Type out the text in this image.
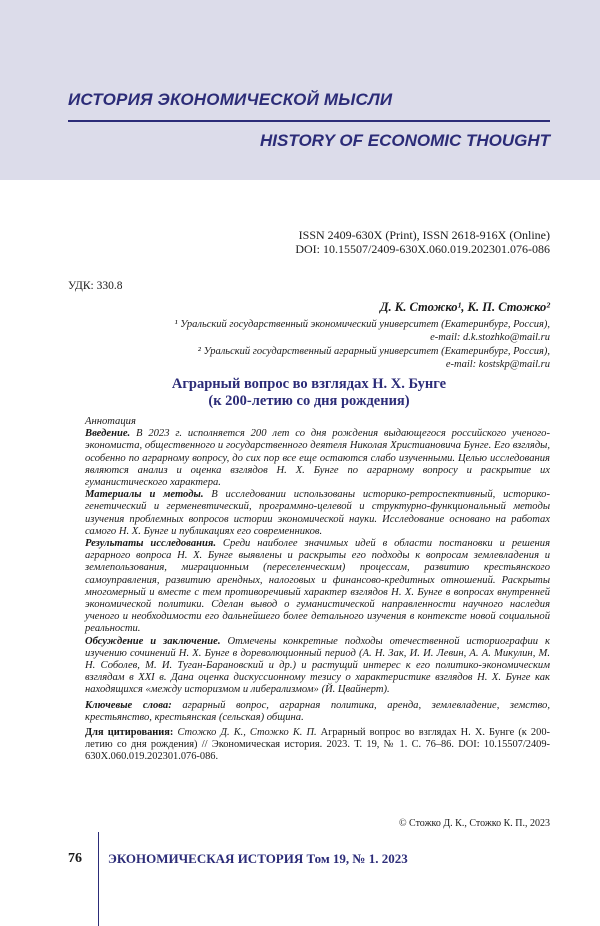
ИСТОРИЯ ЭКОНОМИЧЕСКОЙ МЫСЛИ
HISTORY OF ECONOMIC THOUGHT
ISSN 2409-630X (Print), ISSN 2618-916X (Online)
DOI: 10.15507/2409-630X.060.019.202301.076-086
УДК: 330.8
Д. К. Стожко¹, К. П. Стожко²
¹ Уральский государственный экономический университет (Екатеринбург, Россия),
e-mail: d.k.stozhko@mail.ru
² Уральский государственный аграрный университет (Екатеринбург, Россия),
e-mail: kostskp@mail.ru
Аграрный вопрос во взглядах Н. Х. Бунге
(к 200-летию со дня рождения)

Аннотация

Введение. В 2023 г. исполняется 200 лет со дня рождения выдающегося российского ученого-экономиста, общественного и государственного деятеля Николая Христиановича Бунге. Его взгляды, особенно по аграрному вопросу, до сих пор все еще остаются слабо изученными. Целью исследования являются анализ и оценка взглядов Н. Х. Бунге по аграрному вопросу и раскрытие их гуманистического характера.

Материалы и методы. В исследовании использованы историко-ретроспективный, историко-генетический и герменевтический, программно-целевой и структурно-функциональный методы изучения проблемных вопросов истории экономической науки. Исследование основано на работах самого Н. Х. Бунге и публикациях его современников.

Результаты исследования. Среди наиболее значимых идей в области постановки и решения аграрного вопроса Н. Х. Бунге выявлены и раскрыты его подходы к вопросам землевладения и землепользования, миграционным (переселенческим) процессам, развитию крестьянского самоуправления, развитию арендных, налоговых и финансово-кредитных отношений. Раскрыты многомерный и вместе с тем противоречивый характер взглядов Н. Х. Бунге в вопросах внутренней экономической политики. Сделан вывод о гуманистической направленности научного наследия ученого и необходимости его дальнейшего более детального изучения в контексте новой социальной реальности.

Обсуждение и заключение. Отмечены конкретные подходы отечественной историографии к изучению сочинений Н. Х. Бунге в дореволюционный период (А. Н. Зак, И. И. Левин, А. А. Микулин, М. Н. Соболев, М. И. Туган-Барановский и др.) и растущий интерес к его политико-экономическим взглядам в XXI в. Дана оценка дискуссионному тезису о характеристике взглядов Н. Х. Бунге как находящихся «между историзмом и либерализмом» (Й. Цвайнерт).

Ключевые слова: аграрный вопрос, аграрная политика, аренда, землевладение, земство, крестьянство, крестьянская (сельская) община.

Для цитирования: Стожко Д. К., Стожко К. П. Аграрный вопрос во взглядах Н. Х. Бунге (к 200-летию со дня рождения) // Экономическая история. 2023. Т. 19, № 1. С. 76–86. DOI: 10.15507/2409-630X.060.019.202301.076-086.

© Стожко Д. К., Стожко К. П., 2023
76 ЭКОНОМИЧЕСКАЯ ИСТОРИЯ Том 19, № 1. 2023
